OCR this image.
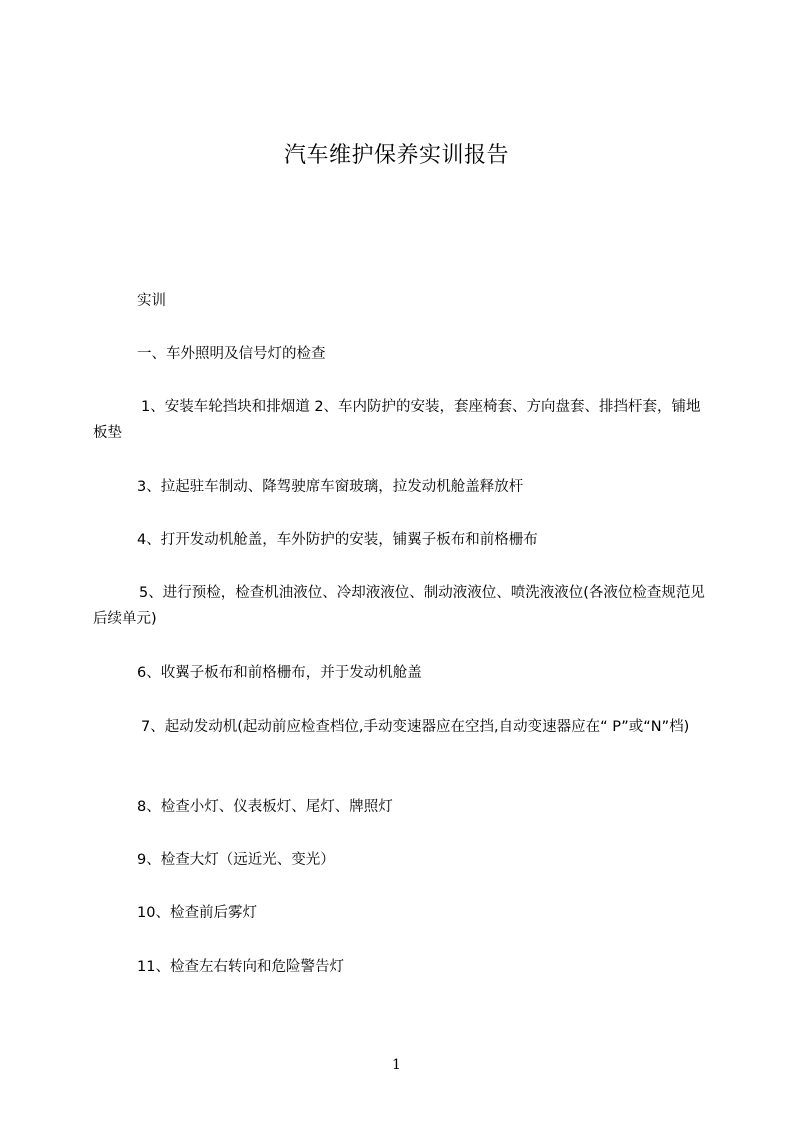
汽车维护保养实训报告
实训
一、车外照明及信号灯的检查
1、安装车轮挡块和排烟道 2、车内防护的安装，套座椅套、方向盘套、排挡杆套，铺地板垫
3、拉起驻车制动、降驾驶席车窗玻璃，拉发动机舱盖释放杆
4、打开发动机舱盖，车外防护的安装，铺翼子板布和前格栅布
5、进行预检，检查机油液位、冷却液液位、制动液液位、喷洗液液位(各液位检查规范见后续单元)
6、收翼子板布和前格栅布，并于发动机舱盖
7、起动发动机(起动前应检查档位,手动变速器应在空挡,自动变速器应在“ P”或“N”档)
8、检查小灯、仪表板灯、尾灯、牌照灯
9、检查大灯（远近光、变光）
10、检查前后雾灯
11、检查左右转向和危险警告灯
1
